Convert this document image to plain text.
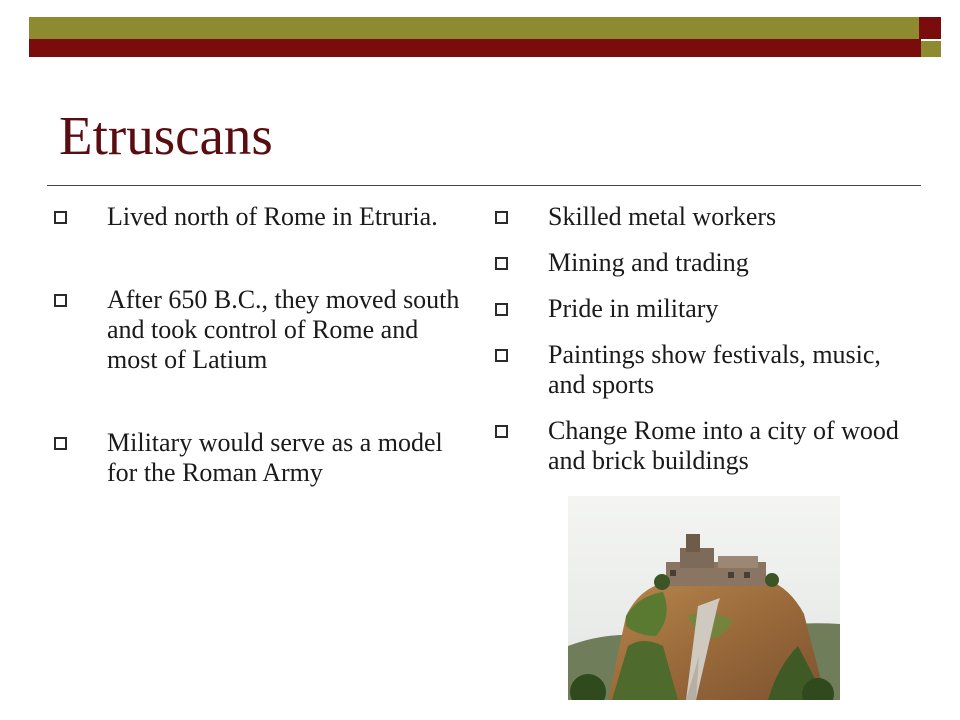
Etruscans
Lived north of Rome in Etruria.
After 650 B.C., they moved south and took control of Rome and most of Latium
Military would serve as a model for the Roman Army
Skilled metal workers
Mining and trading
Pride in military
Paintings show festivals, music, and sports
Change Rome into a city of wood and brick buildings
